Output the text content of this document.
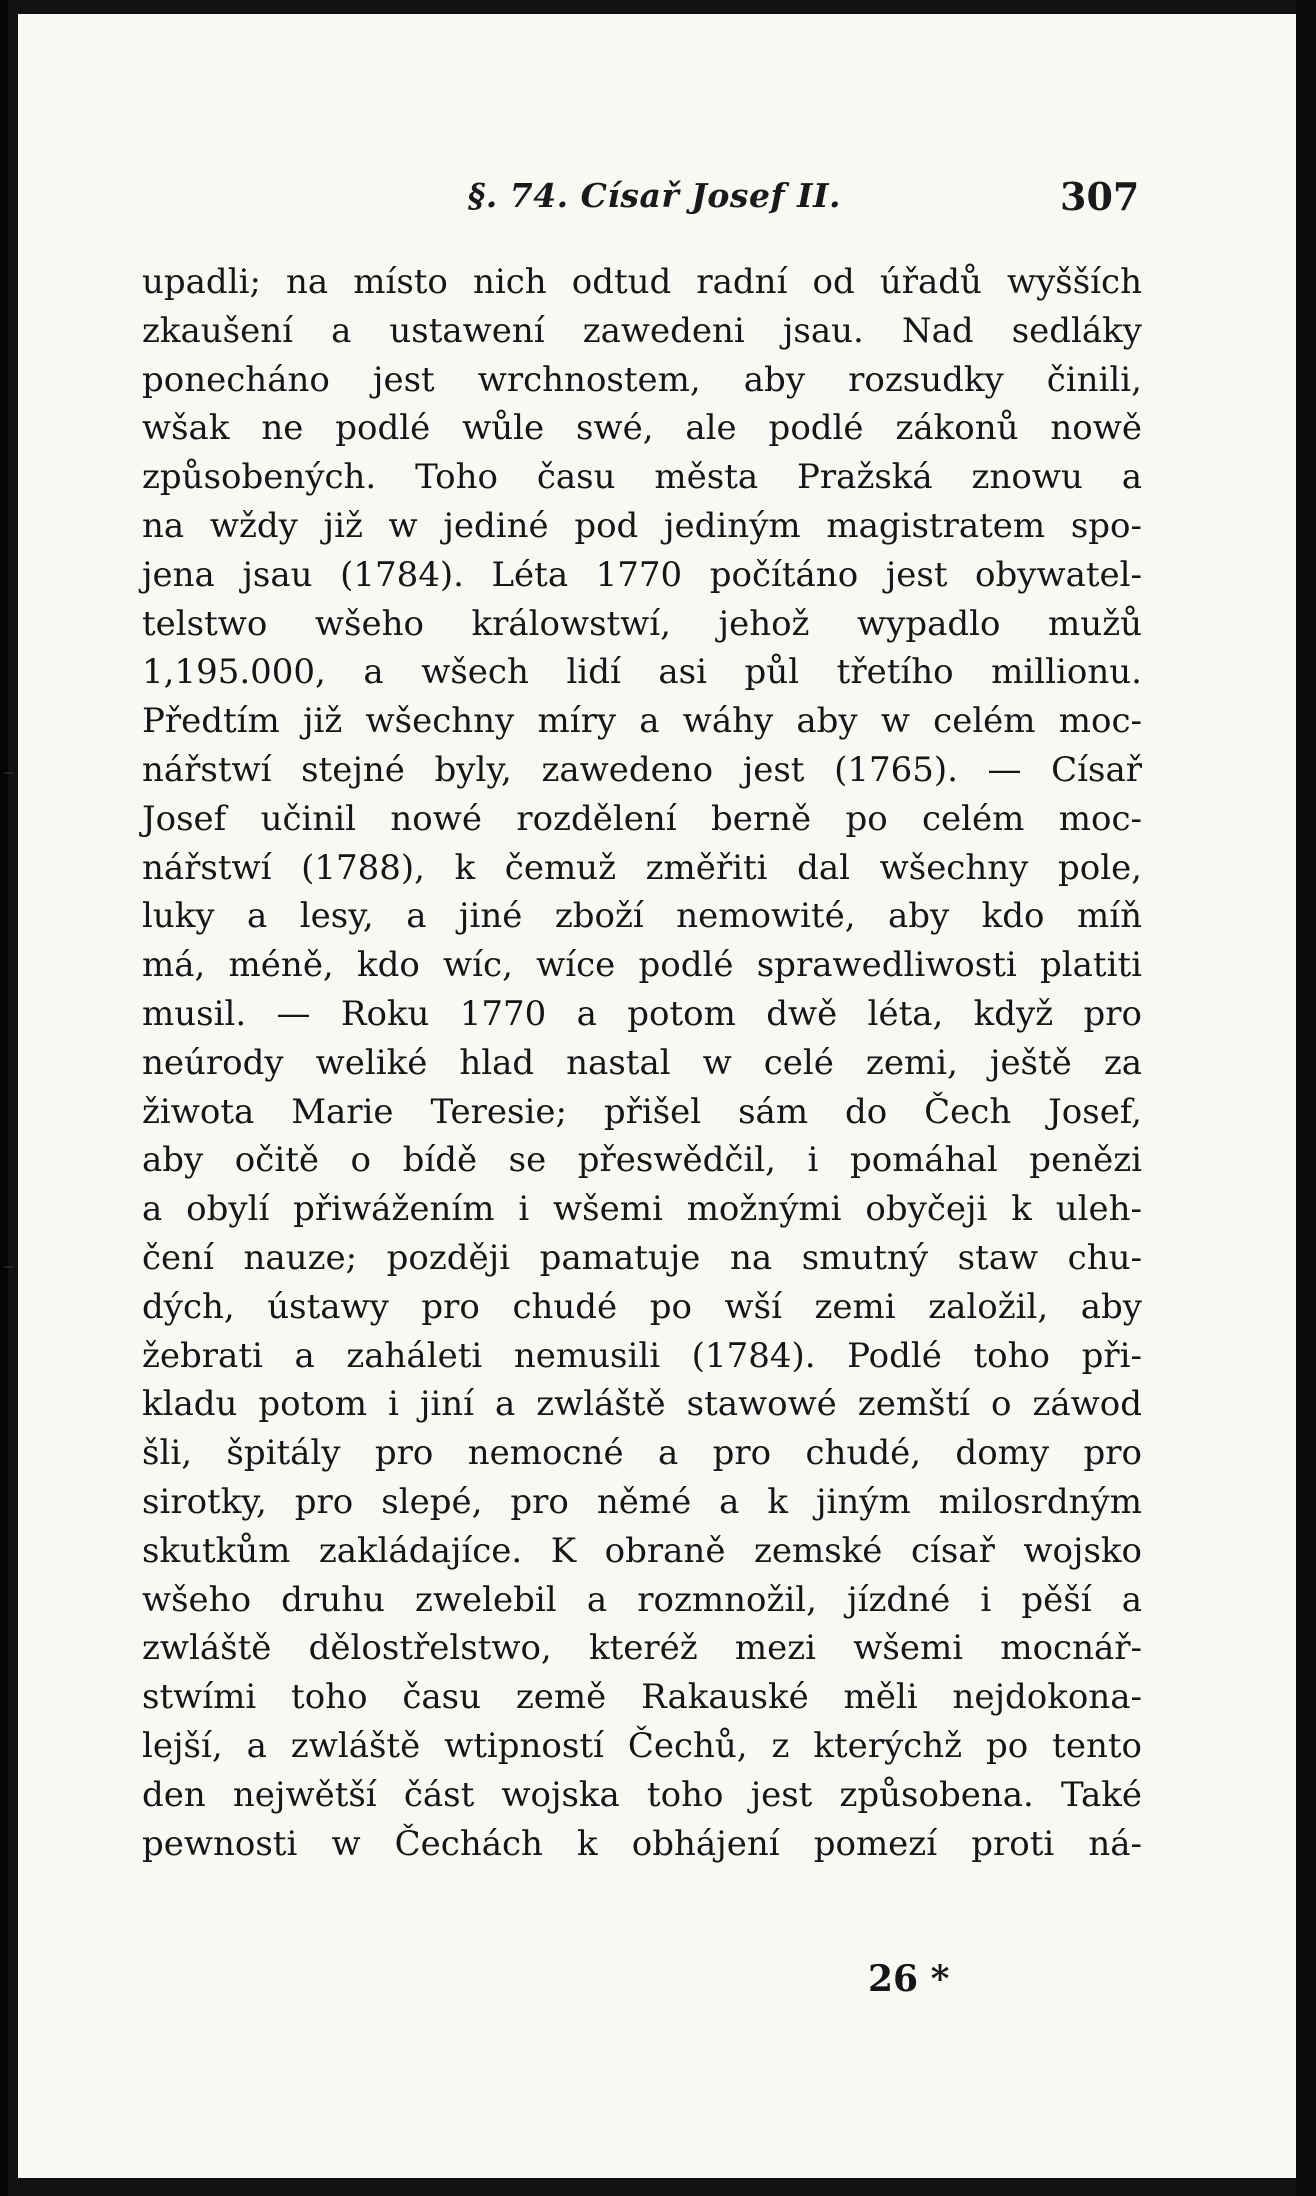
§. 74. Císař Josef II.	307
upadli; na místo nich odtud radní od úřadů wyšších
zkaušení a ustawení zawedeni jsau. Nad sedláky
ponecháno jest wrchnostem, aby rozsudky činili,
wšak ne podlé wůle swé, ale podlé zákonů nowě
způsobených. Toho času města Pražská znowu a
na wždy již w jediné pod jediným magistratem spo-
jena jsau (1784). Léta 1770 počítáno jest obywatel-
telstwo wšeho králowstwí, jehož wypadlo mužů
1,195.000, a wšech lidí asi půl třetího millionu.
Předtím již wšechny míry a wáhy aby w celém moc-
nářstwí stejné byly, zawedeno jest (1765). — Císař
Josef učinil nowé rozdělení berně po celém moc-
nářstwí (1788), k čemuž změřiti dal wšechny pole,
luky a lesy, a jiné zboží nemowité, aby kdo míň
má, méně, kdo wíc, wíce podlé sprawedliwosti platiti
musil. — Roku 1770 a potom dwě léta, když pro
neúrody weliké hlad nastal w celé zemi, ještě za
žiwota Marie Teresie; přišel sám do Čech Josef,
aby očitě o bídě se přeswědčil, i pomáhal penězi
a obylí přiwážením i wšemi možnými obyčeji k uleh-
čení nauze; později pamatuje na smutný staw chu-
dých, ústawy pro chudé po wší zemi založil, aby
žebrati a zaháleti nemusili (1784). Podlé toho při-
kladu potom i jiní a zwláště stawowé zemští o záwod
šli, špitály pro nemocné a pro chudé, domy pro
sirotky, pro slepé, pro němé a k jiným milosrdným
skutkům zakládajíce. K obraně zemské císař wojsko
wšeho druhu zwelebil a rozmnožil, jízdné i pěší a
zwláště dělostřelstwo, kteréž mezi wšemi mocnář-
stwími toho času země Rakauské měli nejdokona-
lejší, a zwláště wtipností Čechů, z kterýchž po tento
den nejwětší část wojska toho jest způsobena. Také
pewnosti w Čechách k obhájení pomezí proti ná-
26 *
